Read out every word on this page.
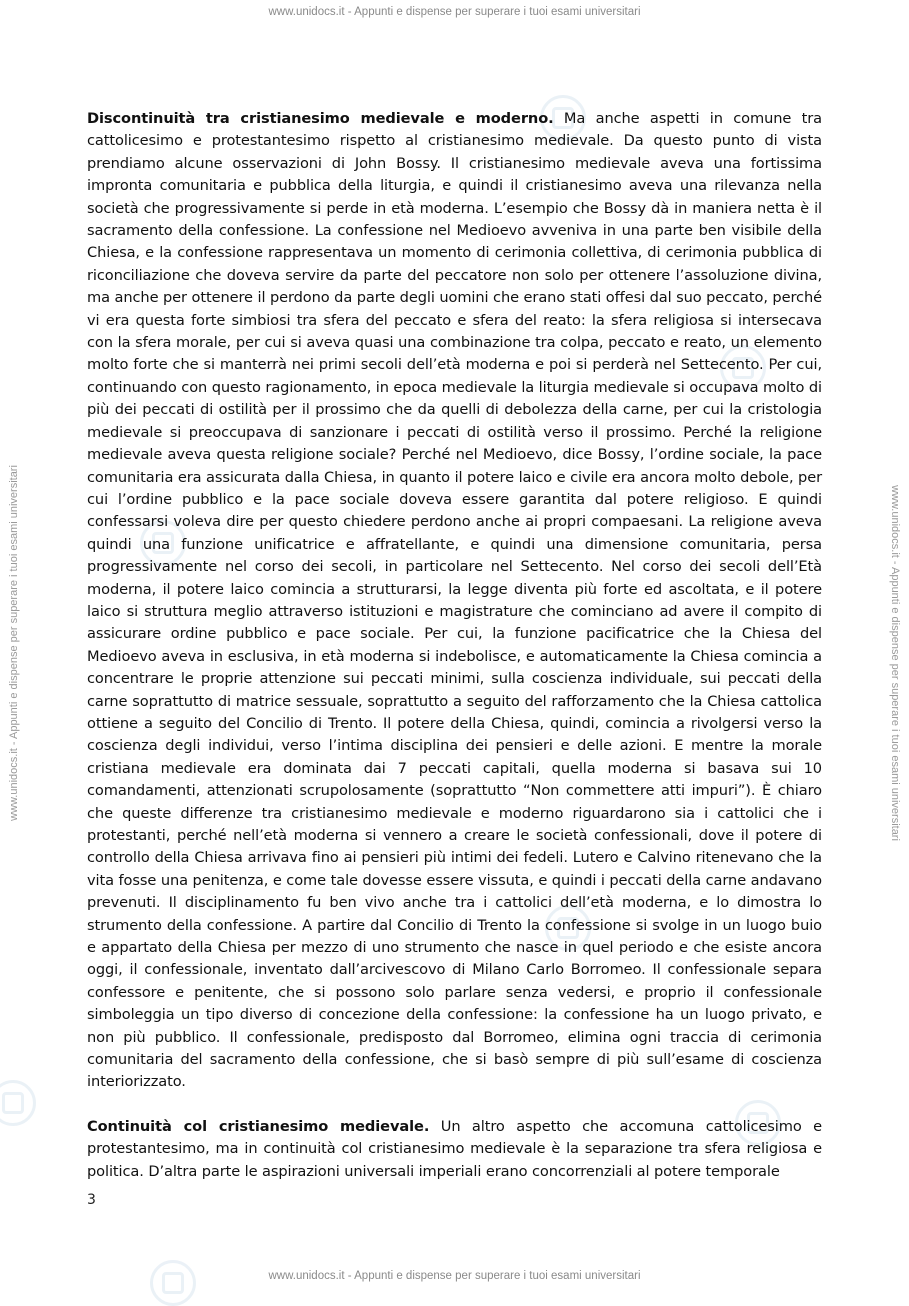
www.unidocs.it - Appunti e dispense per superare i tuoi esami universitari
www.unidocs.it - Appunti e dispense per superare i tuoi esami universitari
www.unidocs.it - Appunti e dispense per superare i tuoi esami universitari	www.unidocs.it - Appunti e dispense per superare i tuoi esami universitari

Discontinuità tra cristianesimo medievale e moderno. Ma anche aspetti in comune tra cattolicesimo e protestantesimo rispetto al cristianesimo medievale. Da questo punto di vista prendiamo alcune osservazioni di John Bossy. Il cristianesimo medievale aveva una fortissima impronta comunitaria e pubblica della liturgia, e quindi il cristianesimo aveva una rilevanza nella società che progressivamente si perde in età moderna. L’esempio che Bossy dà in maniera netta è il sacramento della confessione. La confessione nel Medioevo avveniva in una parte ben visibile della Chiesa, e la confessione rappresentava un momento di cerimonia collettiva, di cerimonia pubblica di riconciliazione che doveva servire da parte del peccatore non solo per ottenere l’assoluzione divina, ma anche per ottenere il perdono da parte degli uomini che erano stati offesi dal suo peccato, perché vi era questa forte simbiosi tra sfera del peccato e sfera del reato: la sfera religiosa si intersecava con la sfera morale, per cui si aveva quasi una combinazione tra colpa, peccato e reato, un elemento molto forte che si manterrà nei primi secoli dell’età moderna e poi si perderà nel Settecento. Per cui, continuando con questo ragionamento, in epoca medievale la liturgia medievale si occupava molto di più dei peccati di ostilità per il prossimo che da quelli di debolezza della carne, per cui la cristologia medievale si preoccupava di sanzionare i peccati di ostilità verso il prossimo. Perché la religione medievale aveva questa religione sociale? Perché nel Medioevo, dice Bossy, l’ordine sociale, la pace comunitaria era assicurata dalla Chiesa, in quanto il potere laico e civile era ancora molto debole, per cui l’ordine pubblico e la pace sociale doveva essere garantita dal potere religioso. E quindi confessarsi voleva dire per questo chiedere perdono anche ai propri compaesani. La religione aveva quindi una funzione unificatrice e affratellante, e quindi una dimensione comunitaria, persa progressivamente nel corso dei secoli, in particolare nel Settecento. Nel corso dei secoli dell’Età moderna, il potere laico comincia a strutturarsi, la legge diventa più forte ed ascoltata, e il potere laico si struttura meglio attraverso istituzioni e magistrature che cominciano ad avere il compito di assicurare ordine pubblico e pace sociale. Per cui, la funzione pacificatrice che la Chiesa del Medioevo aveva in esclusiva, in età moderna si indebolisce, e automaticamente la Chiesa comincia a concentrare le proprie attenzione sui peccati minimi, sulla coscienza individuale, sui peccati della carne soprattutto di matrice sessuale, soprattutto a seguito del rafforzamento che la Chiesa cattolica ottiene a seguito del Concilio di Trento. Il potere della Chiesa, quindi, comincia a rivolgersi verso la coscienza degli individui, verso l’intima disciplina dei pensieri e delle azioni. E mentre la morale cristiana medievale era dominata dai 7 peccati capitali, quella moderna si basava sui 10 comandamenti, attenzionati scrupolosamente (soprattutto “Non commettere atti impuri”). È chiaro che queste differenze tra cristianesimo medievale e moderno riguardarono sia i cattolici che i protestanti, perché nell’età moderna si vennero a creare le società confessionali, dove il potere di controllo della Chiesa arrivava fino ai pensieri più intimi dei fedeli. Lutero e Calvino ritenevano che la vita fosse una penitenza, e come tale dovesse essere vissuta, e quindi i peccati della carne andavano prevenuti. Il disciplinamento fu ben vivo anche tra i cattolici dell’età moderna, e lo dimostra lo strumento della confessione. A partire dal Concilio di Trento la confessione si svolge in un luogo buio e appartato della Chiesa per mezzo di uno strumento che nasce in quel periodo e che esiste ancora oggi, il confessionale, inventato dall’arcivescovo di Milano Carlo Borromeo. Il confessionale separa confessore e penitente, che si possono solo parlare senza vedersi, e proprio il confessionale simboleggia un tipo diverso di concezione della confessione: la confessione ha un luogo privato, e non più pubblico. Il confessionale, predisposto dal Borromeo, elimina ogni traccia di cerimonia comunitaria del sacramento della confessione, che si basò sempre di più sull’esame di coscienza interiorizzato.

Continuità col cristianesimo medievale. Un altro aspetto che accomuna cattolicesimo e protestantesimo, ma in continuità col cristianesimo medievale è la separazione tra sfera religiosa e politica. D’altra parte le aspirazioni universali imperiali erano concorrenziali al potere temporale

3
